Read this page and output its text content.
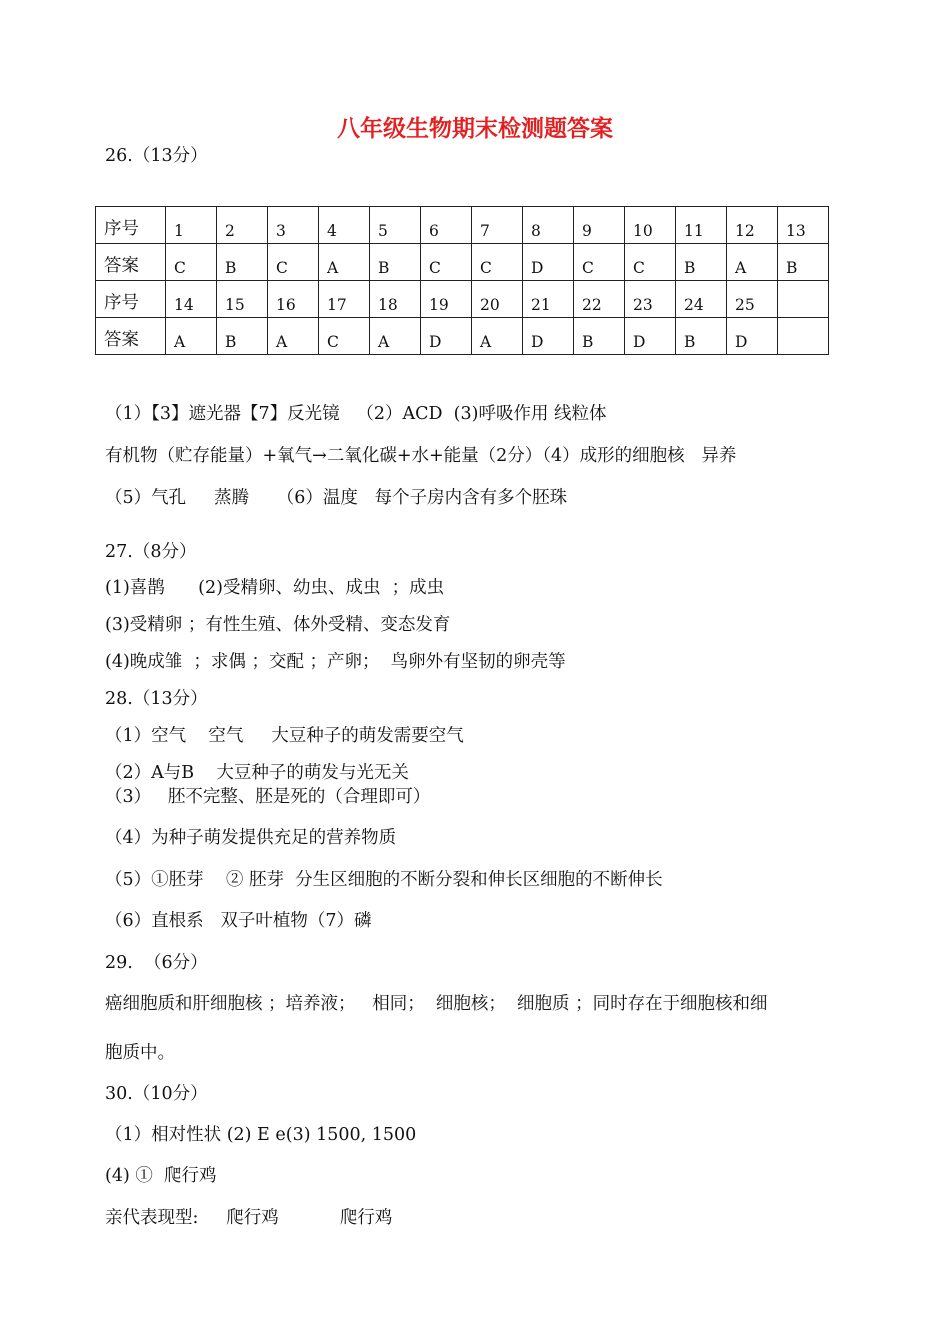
八年级生物期末检测题答案
26.（13分）
序号	1	2	3	4	5	6	7	8	9	10	11	12	13
答案	C	B	C	A	B	C	C	D	C	C	B	A	B
序号	14	15	16	17	18	19	20	21	22	23	24	25	
答案	A	B	A	C	A	D	A	D	B	D	B	D	
（1）【3】遮光器【7】反光镜   （2）ACD  (3)呼吸作用 线粒体
有机物（贮存能量）+氧气→二氧化碳+水+能量（2分）（4）成形的细胞核   异养
（5）气孔     蒸腾     （6）温度   每个子房内含有多个胚珠
27.（8分）
(1)喜鹊      (2)受精卵、幼虫、成虫  ；成虫
(3)受精卵 ；有性生殖、体外受精、变态发育
(4)晚成雏  ；求偶 ；交配 ；产卵；  鸟卵外有坚韧的卵壳等
28.（13分）
（1）空气    空气     大豆种子的萌发需要空气
（2）A与B    大豆种子的萌发与光无关
（3）   胚不完整、胚是死的（合理即可）
（4）为种子萌发提供充足的营养物质
（5）①胚芽    ② 胚芽  分生区细胞的不断分裂和伸长区细胞的不断伸长
（6）直根系   双子叶植物（7）磷
29.  （6分）
癌细胞质和肝细胞核 ；培养液；   相同；  细胞核；  细胞质 ；同时存在于细胞核和细
胞质中。
30.（10分）
（1）相对性状 (2) E e(3) 1500, 1500
(4) ①  爬行鸡
亲代表现型:     爬行鸡           爬行鸡
